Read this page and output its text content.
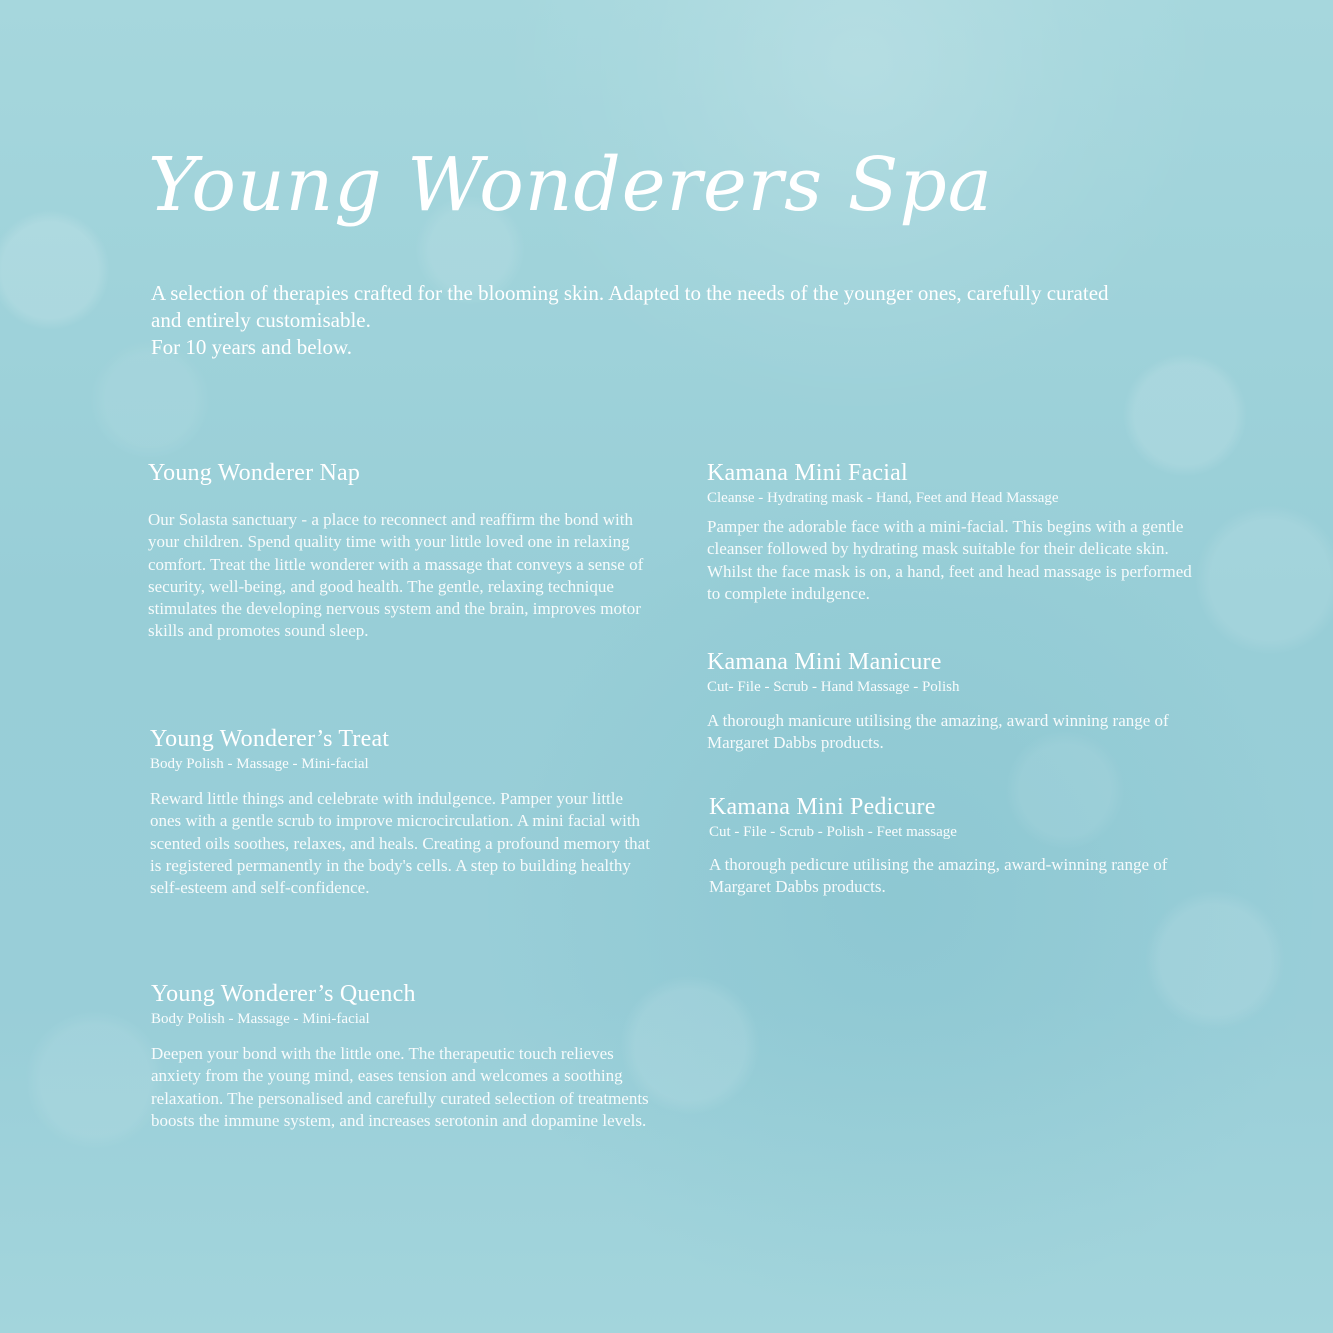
Young Wonderers Spa

A selection of therapies crafted for the blooming skin. Adapted to the needs of the younger ones, carefully curated and entirely customisable.

For 10 years and below.

Young Wonderer Nap

Our Solasta sanctuary - a place to reconnect and reaffirm the bond with your children. Spend quality time with your little loved one in relaxing comfort. Treat the little wonderer with a massage that conveys a sense of security, well-being, and good health. The gentle, relaxing technique stimulates the developing nervous system and the brain, improves motor skills and promotes sound sleep.

Young Wonderer’s Treat

Body Polish - Massage - Mini-facial

Reward little things and celebrate with indulgence. Pamper your little ones with a gentle scrub to improve microcirculation. A mini facial with scented oils soothes, relaxes, and heals. Creating a profound memory that is registered permanently in the body's cells. A step to building healthy self-esteem and self-confidence.

Young Wonderer’s Quench

Body Polish - Massage - Mini-facial

Deepen your bond with the little one. The therapeutic touch relieves anxiety from the young mind, eases tension and welcomes a soothing relaxation. The personalised and carefully curated selection of treatments boosts the immune system, and increases serotonin and dopamine levels.

Kamana Mini Facial

Cleanse - Hydrating mask - Hand, Feet and Head Massage

Pamper the adorable face with a mini-facial. This begins with a gentle cleanser followed by hydrating mask suitable for their delicate skin. Whilst the face mask is on, a hand, feet and head massage is performed to complete indulgence.

Kamana Mini Manicure

Cut- File - Scrub - Hand Massage - Polish

A thorough manicure utilising the amazing, award winning range of Margaret Dabbs products.

Kamana Mini Pedicure

Cut - File - Scrub - Polish - Feet massage

A thorough pedicure utilising the amazing, award-winning range of Margaret Dabbs products.
